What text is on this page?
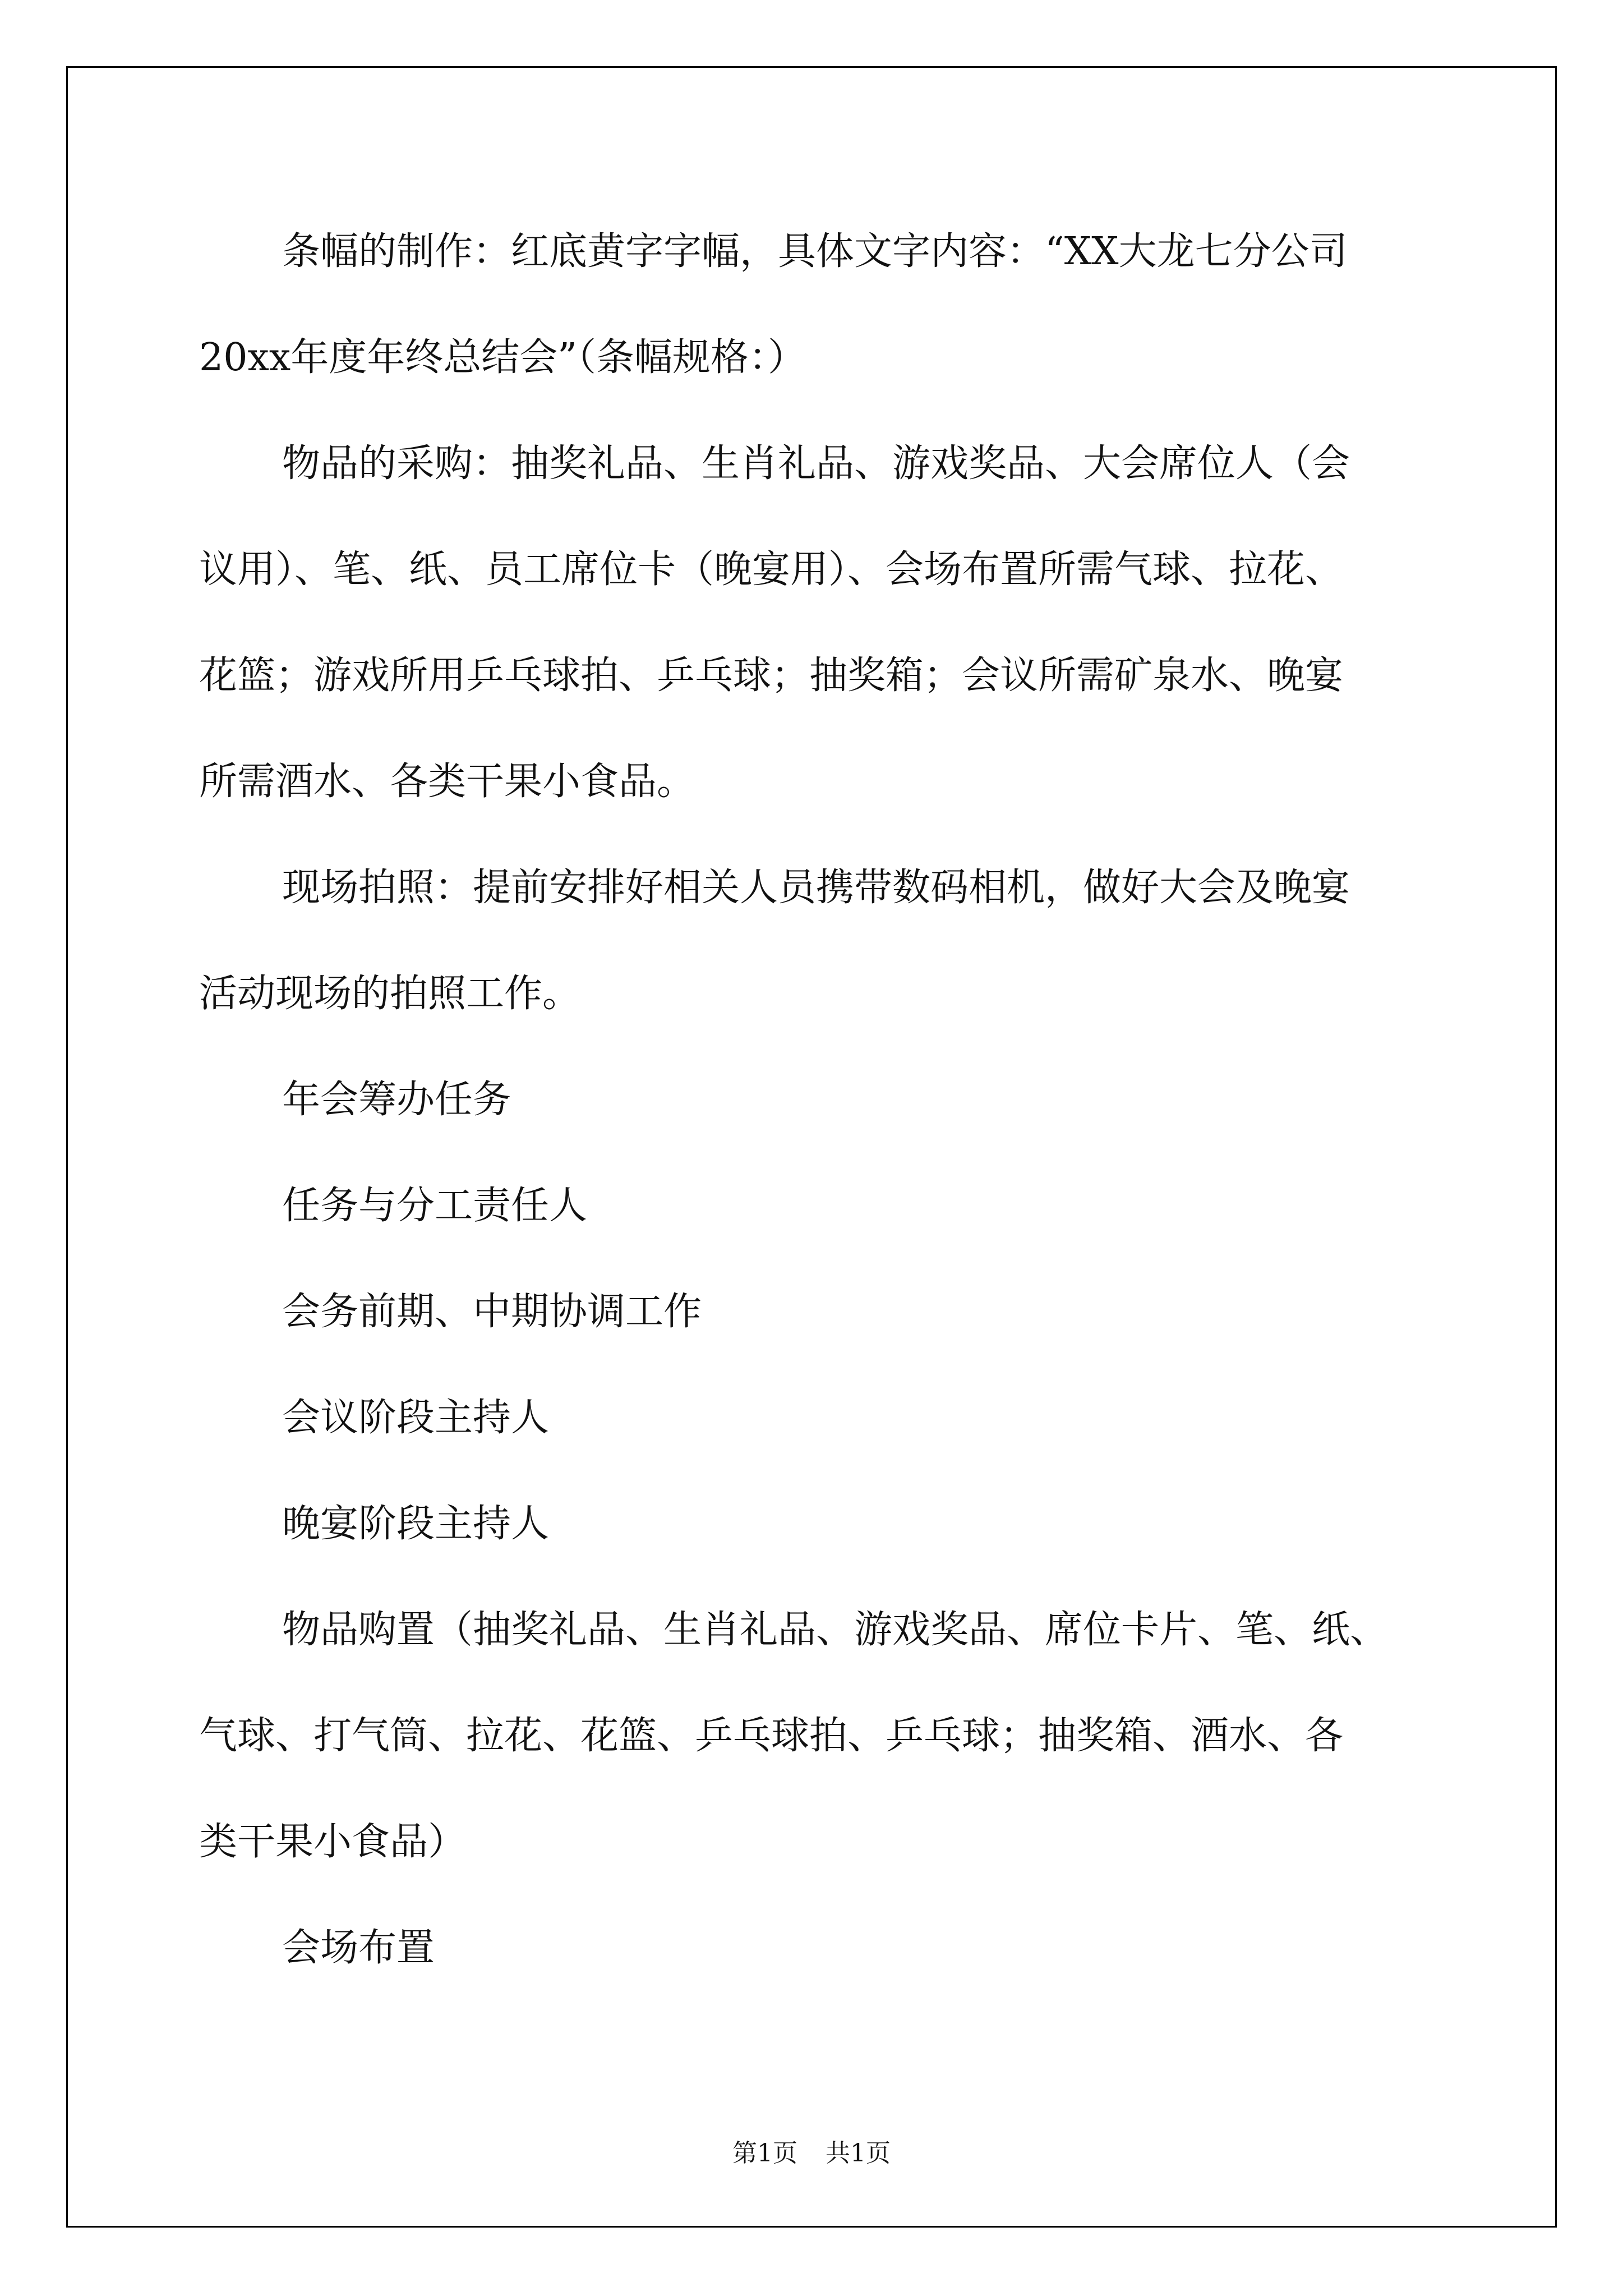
条幅的制作：红底黄字字幅，具体文字内容：“XX大龙七分公司
20xx年度年终总结会”（条幅规格：）
物品的采购：抽奖礼品、生肖礼品、游戏奖品、大会席位人（会
议用）、笔、纸、员工席位卡（晚宴用）、会场布置所需气球、拉花、
花篮；游戏所用乒乓球拍、乒乓球；抽奖箱；会议所需矿泉水、晚宴
所需酒水、各类干果小食品。
现场拍照：提前安排好相关人员携带数码相机，做好大会及晚宴
活动现场的拍照工作。
年会筹办任务
任务与分工责任人
会务前期、中期协调工作
会议阶段主持人
晚宴阶段主持人
物品购置（抽奖礼品、生肖礼品、游戏奖品、席位卡片、笔、纸、
气球、打气筒、拉花、花篮、乒乓球拍、乒乓球；抽奖箱、酒水、各
类干果小食品）
会场布置
第1页 共1页
